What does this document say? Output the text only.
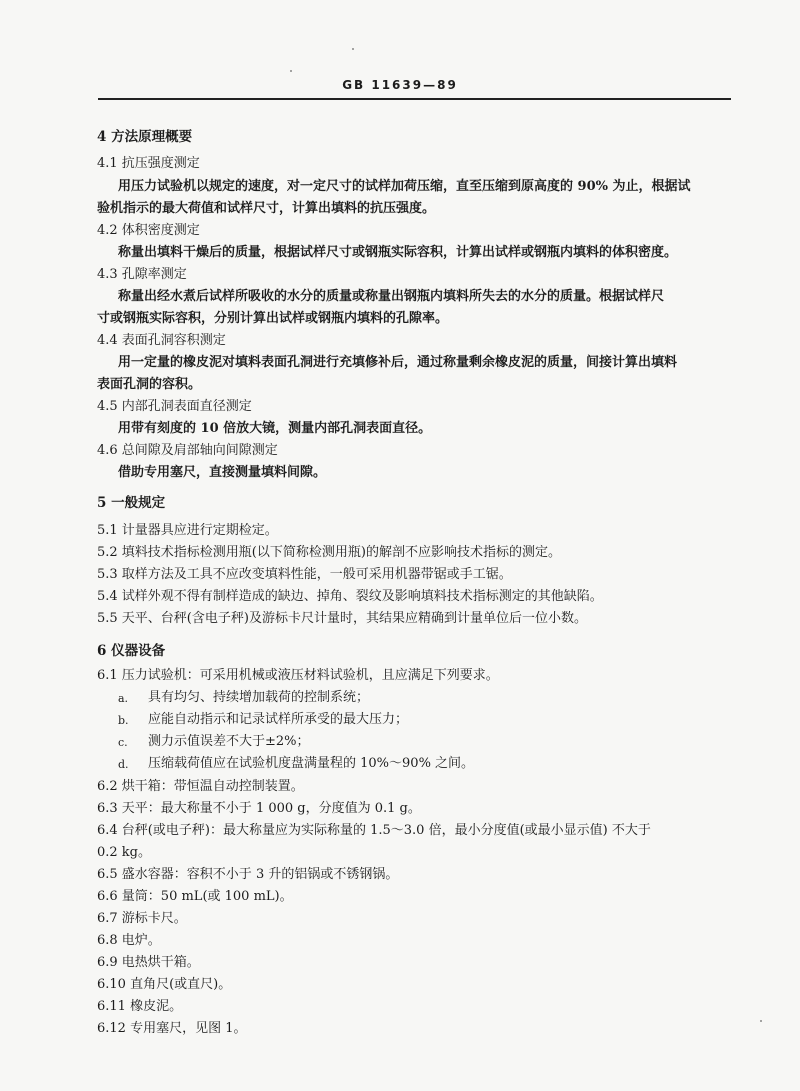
GB 11639—89
4 方法原理概要
4.1 抗压强度测定
用压力试验机以规定的速度，对一定尺寸的试样加荷压缩，直至压缩到原高度的 90% 为止，根据试
验机指示的最大荷值和试样尺寸，计算出填料的抗压强度。
4.2 体积密度测定
称量出填料干燥后的质量，根据试样尺寸或钢瓶实际容积，计算出试样或钢瓶内填料的体积密度。
4.3 孔隙率测定
称量出经水煮后试样所吸收的水分的质量或称量出钢瓶内填料所失去的水分的质量。根据试样尺
寸或钢瓶实际容积，分别计算出试样或钢瓶内填料的孔隙率。
4.4 表面孔洞容积测定
用一定量的橡皮泥对填料表面孔洞进行充填修补后，通过称量剩余橡皮泥的质量，间接计算出填料
表面孔洞的容积。
4.5 内部孔洞表面直径测定
用带有刻度的 10 倍放大镜，测量内部孔洞表面直径。
4.6 总间隙及肩部轴向间隙测定
借助专用塞尺，直接测量填料间隙。
5 一般规定
5.1 计量器具应进行定期检定。
5.2 填料技术指标检测用瓶(以下简称检测用瓶)的解剖不应影响技术指标的测定。
5.3 取样方法及工具不应改变填料性能，一般可采用机器带锯或手工锯。
5.4 试样外观不得有制样造成的缺边、掉角、裂纹及影响填料技术指标测定的其他缺陷。
5.5 天平、台秤(含电子秤)及游标卡尺计量时，其结果应精确到计量单位后一位小数。
6 仪器设备
6.1 压力试验机：可采用机械或液压材料试验机，且应满足下列要求。
a. 具有均匀、持续增加载荷的控制系统；
b. 应能自动指示和记录试样所承受的最大压力；
c. 测力示值误差不大于±2%；
d. 压缩载荷值应在试验机度盘满量程的 10%～90% 之间。
6.2 烘干箱：带恒温自动控制装置。
6.3 天平：最大称量不小于 1 000 g，分度值为 0.1 g。
6.4 台秤(或电子秤)：最大称量应为实际称量的 1.5～3.0 倍，最小分度值(或最小显示值) 不大于
0.2 kg。
6.5 盛水容器：容积不小于 3 升的铝锅或不锈钢锅。
6.6 量筒：50 mL(或 100 mL)。
6.7 游标卡尺。
6.8 电炉。
6.9 电热烘干箱。
6.10 直角尺(或直尺)。
6.11 橡皮泥。
6.12 专用塞尺，见图 1。
